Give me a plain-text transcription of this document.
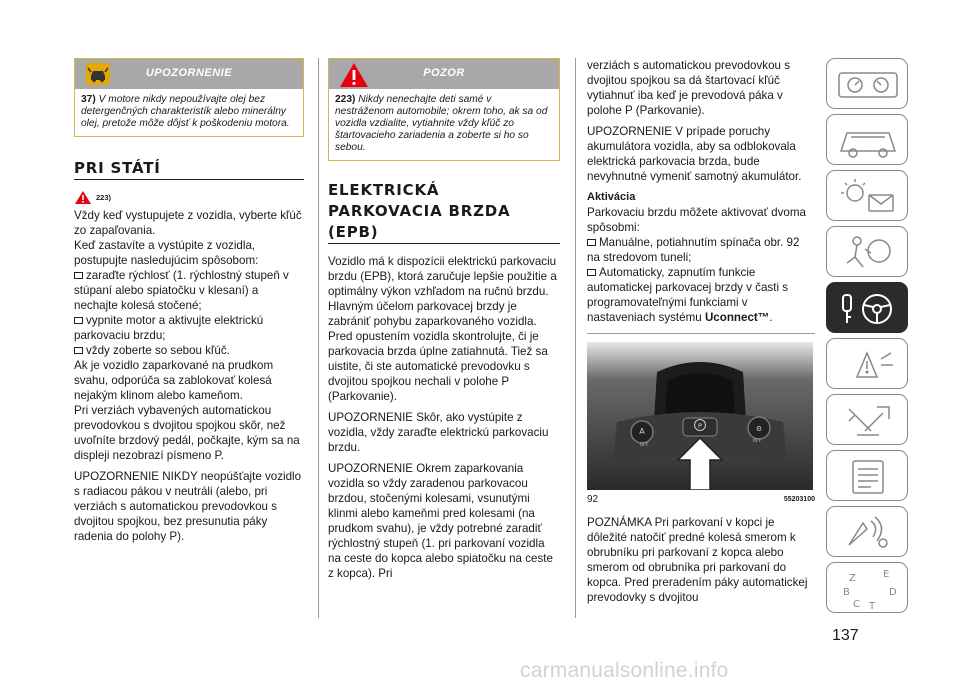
UPOZORNENIE
37) V motore nikdy nepoužívajte olej bez detergenčných charakteristík alebo minerálny olej, pretože môže dôjsť k poškodeniu motora.
PRI STÁTÍ
223)

Vždy keď vystupujete z vozidla, vyberte kľúč zo zapaľovania.

Keď zastavíte a vystúpite z vozidla, postupujte nasledujúcim spôsobom:

zaraďte rýchlosť (1. rýchlostný stupeň v stúpaní alebo spiatočku v klesaní) a nechajte kolesá stočené;

vypnite motor a aktivujte elektrickú parkovaciu brzdu;

vždy zoberte so sebou kľúč.

Ak je vozidlo zaparkované na prudkom svahu, odporúča sa zablokovať kolesá nejakým klinom alebo kameňom.

Pri verziách vybavených automatickou prevodovkou s dvojitou spojkou skôr, než uvoľníte brzdový pedál, počkajte, kým sa na displeji nezobrazí písmeno P.

UPOZORNENIE NIKDY neopúšťajte vozidlo s radiacou pákou v neutráli (alebo, pri verziách s automatickou prevodovkou s dvojitou spojkou, bez presunutia páky radenia do polohy P).

POZOR
223) Nikdy nenechajte deti samé v nestráženom automobile; okrem toho, ak sa od vozidla vzdialite, vytiahnite vždy kľúč zo štartovacieho zariadenia a zoberte si ho so sebou.
ELEKTRICKÁ
PARKOVACIA BRZDA
(EPB)

Vozidlo má k dispozícii elektrickú parkovaciu brzdu (EPB), ktorá zaručuje lepšie použitie a optimálny výkon vzhľadom na ručnú brzdu.

Hlavným účelom parkovacej brzdy je zabrániť pohybu zaparkovaného vozidla. Pred opustením vozidla skontrolujte, či je parkovacia brzda úplne zatiahnutá. Tiež sa uistite, či ste automatické prevodovku s dvojitou spojkou nechali v polohe P (Parkovanie).

UPOZORNENIE Skôr, ako vystúpite z vozidla, vždy zaraďte elektrickú parkovaciu brzdu.

UPOZORNENIE Okrem zaparkovania vozidla so vždy zaradenou parkovacou brzdou, stočenými kolesami, vsunutými klinmi alebo kameňmi pred kolesami (na prudkom svahu), je vždy potrebné zaradiť rýchlostný stupeň (1. pri parkovaní vozidla na ceste do kopca alebo spiatočku na ceste z kopca). Pri

verziách s automatickou prevodovkou s dvojitou spojkou sa dá štartovací kľúč vytiahnuť iba keď je prevodová páka v polohe P (Parkovanie).

UPOZORNENIE V prípade poruchy akumulátora vozidla, aby sa odblokovala elektrická parkovacia brzda, bude nevyhnutné vymeniť samotný akumulátor.

Aktivácia

Parkovaciu brzdu môžete aktivovať dvoma spôsobmi:

Manuálne, potiahnutím spínača obr. 92 na stredovom tuneli;

Automaticky, zapnutím funkcie automatickej parkovacej brzdy v časti s programovateľnými funkciami v nastaveniach systému Uconnect™.

A
OFF
⚙
OFF
P
92	55203100

POZNÁMKA Pri parkovaní v kopci je dôležité natočiť predné kolesá smerom k obrubníku pri parkovaní z kopca alebo smerom od obrubníka pri parkovaní do kopca. Pred preradením páky automatickej prevodovky s dvojitou

Z	E
B	D
C T
137
carmanualsonline.info
